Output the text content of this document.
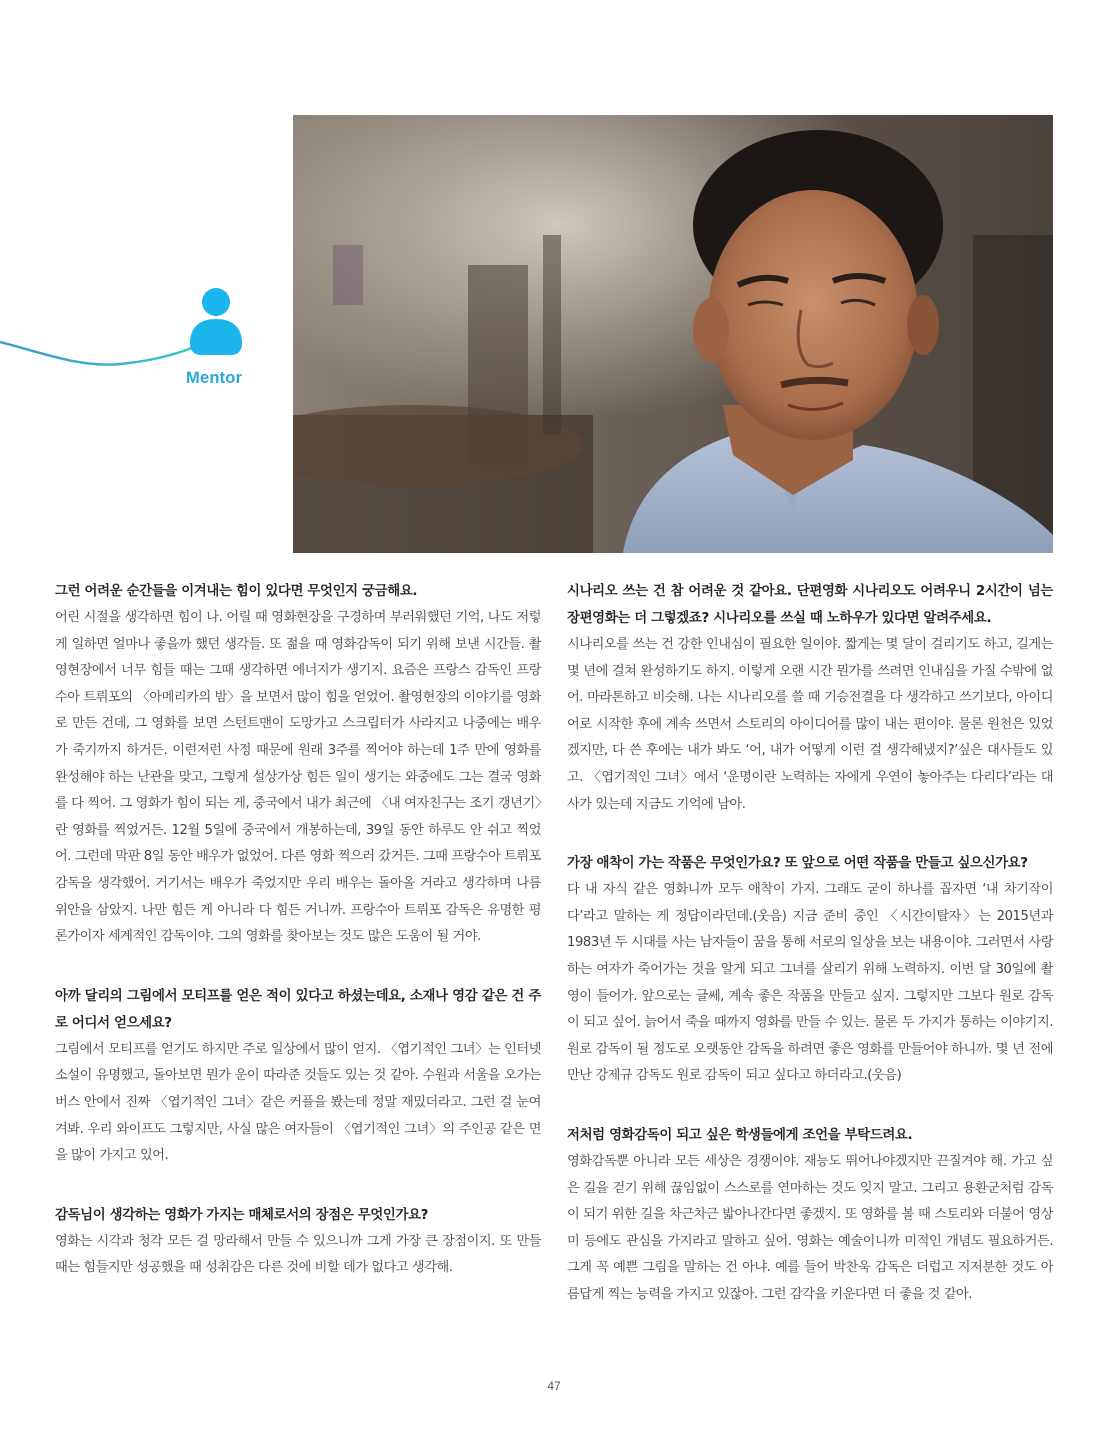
Mentor

그런 어려운 순간들을 이겨내는 힘이 있다면 무엇인지 궁금해요.

어린 시절을 생각하면 힘이 나. 어릴 때 영화현장을 구경하며 부러워했던 기억, 나도 저렇게 일하면 얼마나 좋을까 했던 생각들. 또 젊을 때 영화감독이 되기 위해 보낸 시간들. 촬영현장에서 너무 힘들 때는 그때 생각하면 에너지가 생기지. 요즘은 프랑스 감독인 프랑수아 트뤼포의 〈아메리카의 밤〉을 보면서 많이 힘을 얻었어. 촬영현장의 이야기를 영화로 만든 건데, 그 영화를 보면 스턴트맨이 도망가고 스크립터가 사라지고 나중에는 배우가 죽기까지 하거든. 이런저런 사정 때문에 원래 3주를 찍어야 하는데 1주 만에 영화를 완성해야 하는 난관을 맞고, 그렇게 설상가상 힘든 일이 생기는 와중에도 그는 결국 영화를 다 찍어. 그 영화가 힘이 되는 게, 중국에서 내가 최근에 〈내 여자친구는 조기 갱년기〉란 영화를 찍었거든. 12월 5일에 중국에서 개봉하는데, 39일 동안 하루도 안 쉬고 찍었어. 그런데 막판 8일 동안 배우가 없었어. 다른 영화 찍으러 갔거든. 그때 프랑수아 트뤼포 감독을 생각했어. 거기서는 배우가 죽었지만 우리 배우는 돌아올 거라고 생각하며 나름 위안을 삼았지. 나만 힘든 게 아니라 다 힘든 거니까. 프랑수아 트뤼포 감독은 유명한 평론가이자 세계적인 감독이야. 그의 영화를 찾아보는 것도 많은 도움이 될 거야.

아까 달리의 그림에서 모티프를 얻은 적이 있다고 하셨는데요, 소재나 영감 같은 건 주로 어디서 얻으세요?

그림에서 모티프를 얻기도 하지만 주로 일상에서 많이 얻지. 〈엽기적인 그녀〉는 인터넷 소설이 유명했고, 돌아보면 뭔가 운이 따라준 것들도 있는 것 같아. 수원과 서울을 오가는 버스 안에서 진짜 〈엽기적인 그녀〉같은 커플을 봤는데 정말 재밌더라고. 그런 걸 눈여겨봐. 우리 와이프도 그렇지만, 사실 많은 여자들이 〈엽기적인 그녀〉의 주인공 같은 면을 많이 가지고 있어.

감독님이 생각하는 영화가 가지는 매체로서의 장점은 무엇인가요?

영화는 시각과 청각 모든 걸 망라해서 만들 수 있으니까 그게 가장 큰 장점이지. 또 만들 때는 힘들지만 성공했을 때 성취감은 다른 것에 비할 데가 없다고 생각해.

시나리오 쓰는 건 참 어려운 것 같아요. 단편영화 시나리오도 어려우니 2시간이 넘는 장편영화는 더 그렇겠죠? 시나리오를 쓰실 때 노하우가 있다면 알려주세요.

시나리오를 쓰는 건 강한 인내심이 필요한 일이야. 짧게는 몇 달이 걸리기도 하고, 길게는 몇 년에 걸쳐 완성하기도 하지. 이렇게 오랜 시간 뭔가를 쓰려면 인내심을 가질 수밖에 없어. 마라톤하고 비슷해. 나는 시나리오를 쓸 때 기승전결을 다 생각하고 쓰기보다, 아이디어로 시작한 후에 계속 쓰면서 스토리의 아이디어를 많이 내는 편이야. 물론 원천은 있었겠지만, 다 쓴 후에는 내가 봐도 ‘어, 내가 어떻게 이런 걸 생각해냈지?’싶은 대사들도 있고. 〈엽기적인 그녀〉에서 ‘운명이란 노력하는 자에게 우연이 놓아주는 다리다’라는 대사가 있는데 지금도 기억에 남아.

가장 애착이 가는 작품은 무엇인가요? 또 앞으로 어떤 작품을 만들고 싶으신가요?

다 내 자식 같은 영화니까 모두 애착이 가지. 그래도 굳이 하나를 꼽자면 ‘내 차기작이다’라고 말하는 게 정답이라던데.(웃음) 지금 준비 중인 〈시간이탈자〉는 2015년과 1983년 두 시대를 사는 남자들이 꿈을 통해 서로의 일상을 보는 내용이야. 그러면서 사랑하는 여자가 죽어가는 것을 알게 되고 그녀를 살리기 위해 노력하지. 이번 달 30일에 촬영이 들어가. 앞으로는 글쎄, 계속 좋은 작품을 만들고 싶지. 그렇지만 그보다 원로 감독이 되고 싶어. 늙어서 죽을 때까지 영화를 만들 수 있는. 물론 두 가지가 통하는 이야기지. 원로 감독이 될 정도로 오랫동안 감독을 하려면 좋은 영화를 만들어야 하니까. 몇 년 전에 만난 강제규 감독도 원로 감독이 되고 싶다고 하더라고.(웃음)

저처럼 영화감독이 되고 싶은 학생들에게 조언을 부탁드려요.

영화감독뿐 아니라 모든 세상은 경쟁이야. 재능도 뛰어나야겠지만 끈질겨야 해. 가고 싶은 길을 걷기 위해 끊임없이 스스로를 연마하는 것도 잊지 말고. 그리고 용환군처럼 감독이 되기 위한 길을 차근차근 밟아나간다면 좋겠지. 또 영화를 볼 때 스토리와 더불어 영상미 등에도 관심을 가지라고 말하고 싶어. 영화는 예술이니까 미적인 개념도 필요하거든. 그게 꼭 예쁜 그림을 말하는 건 아냐. 예를 들어 박찬욱 감독은 더럽고 지저분한 것도 아름답게 찍는 능력을 가지고 있잖아. 그런 감각을 키운다면 더 좋을 것 같아.

47
